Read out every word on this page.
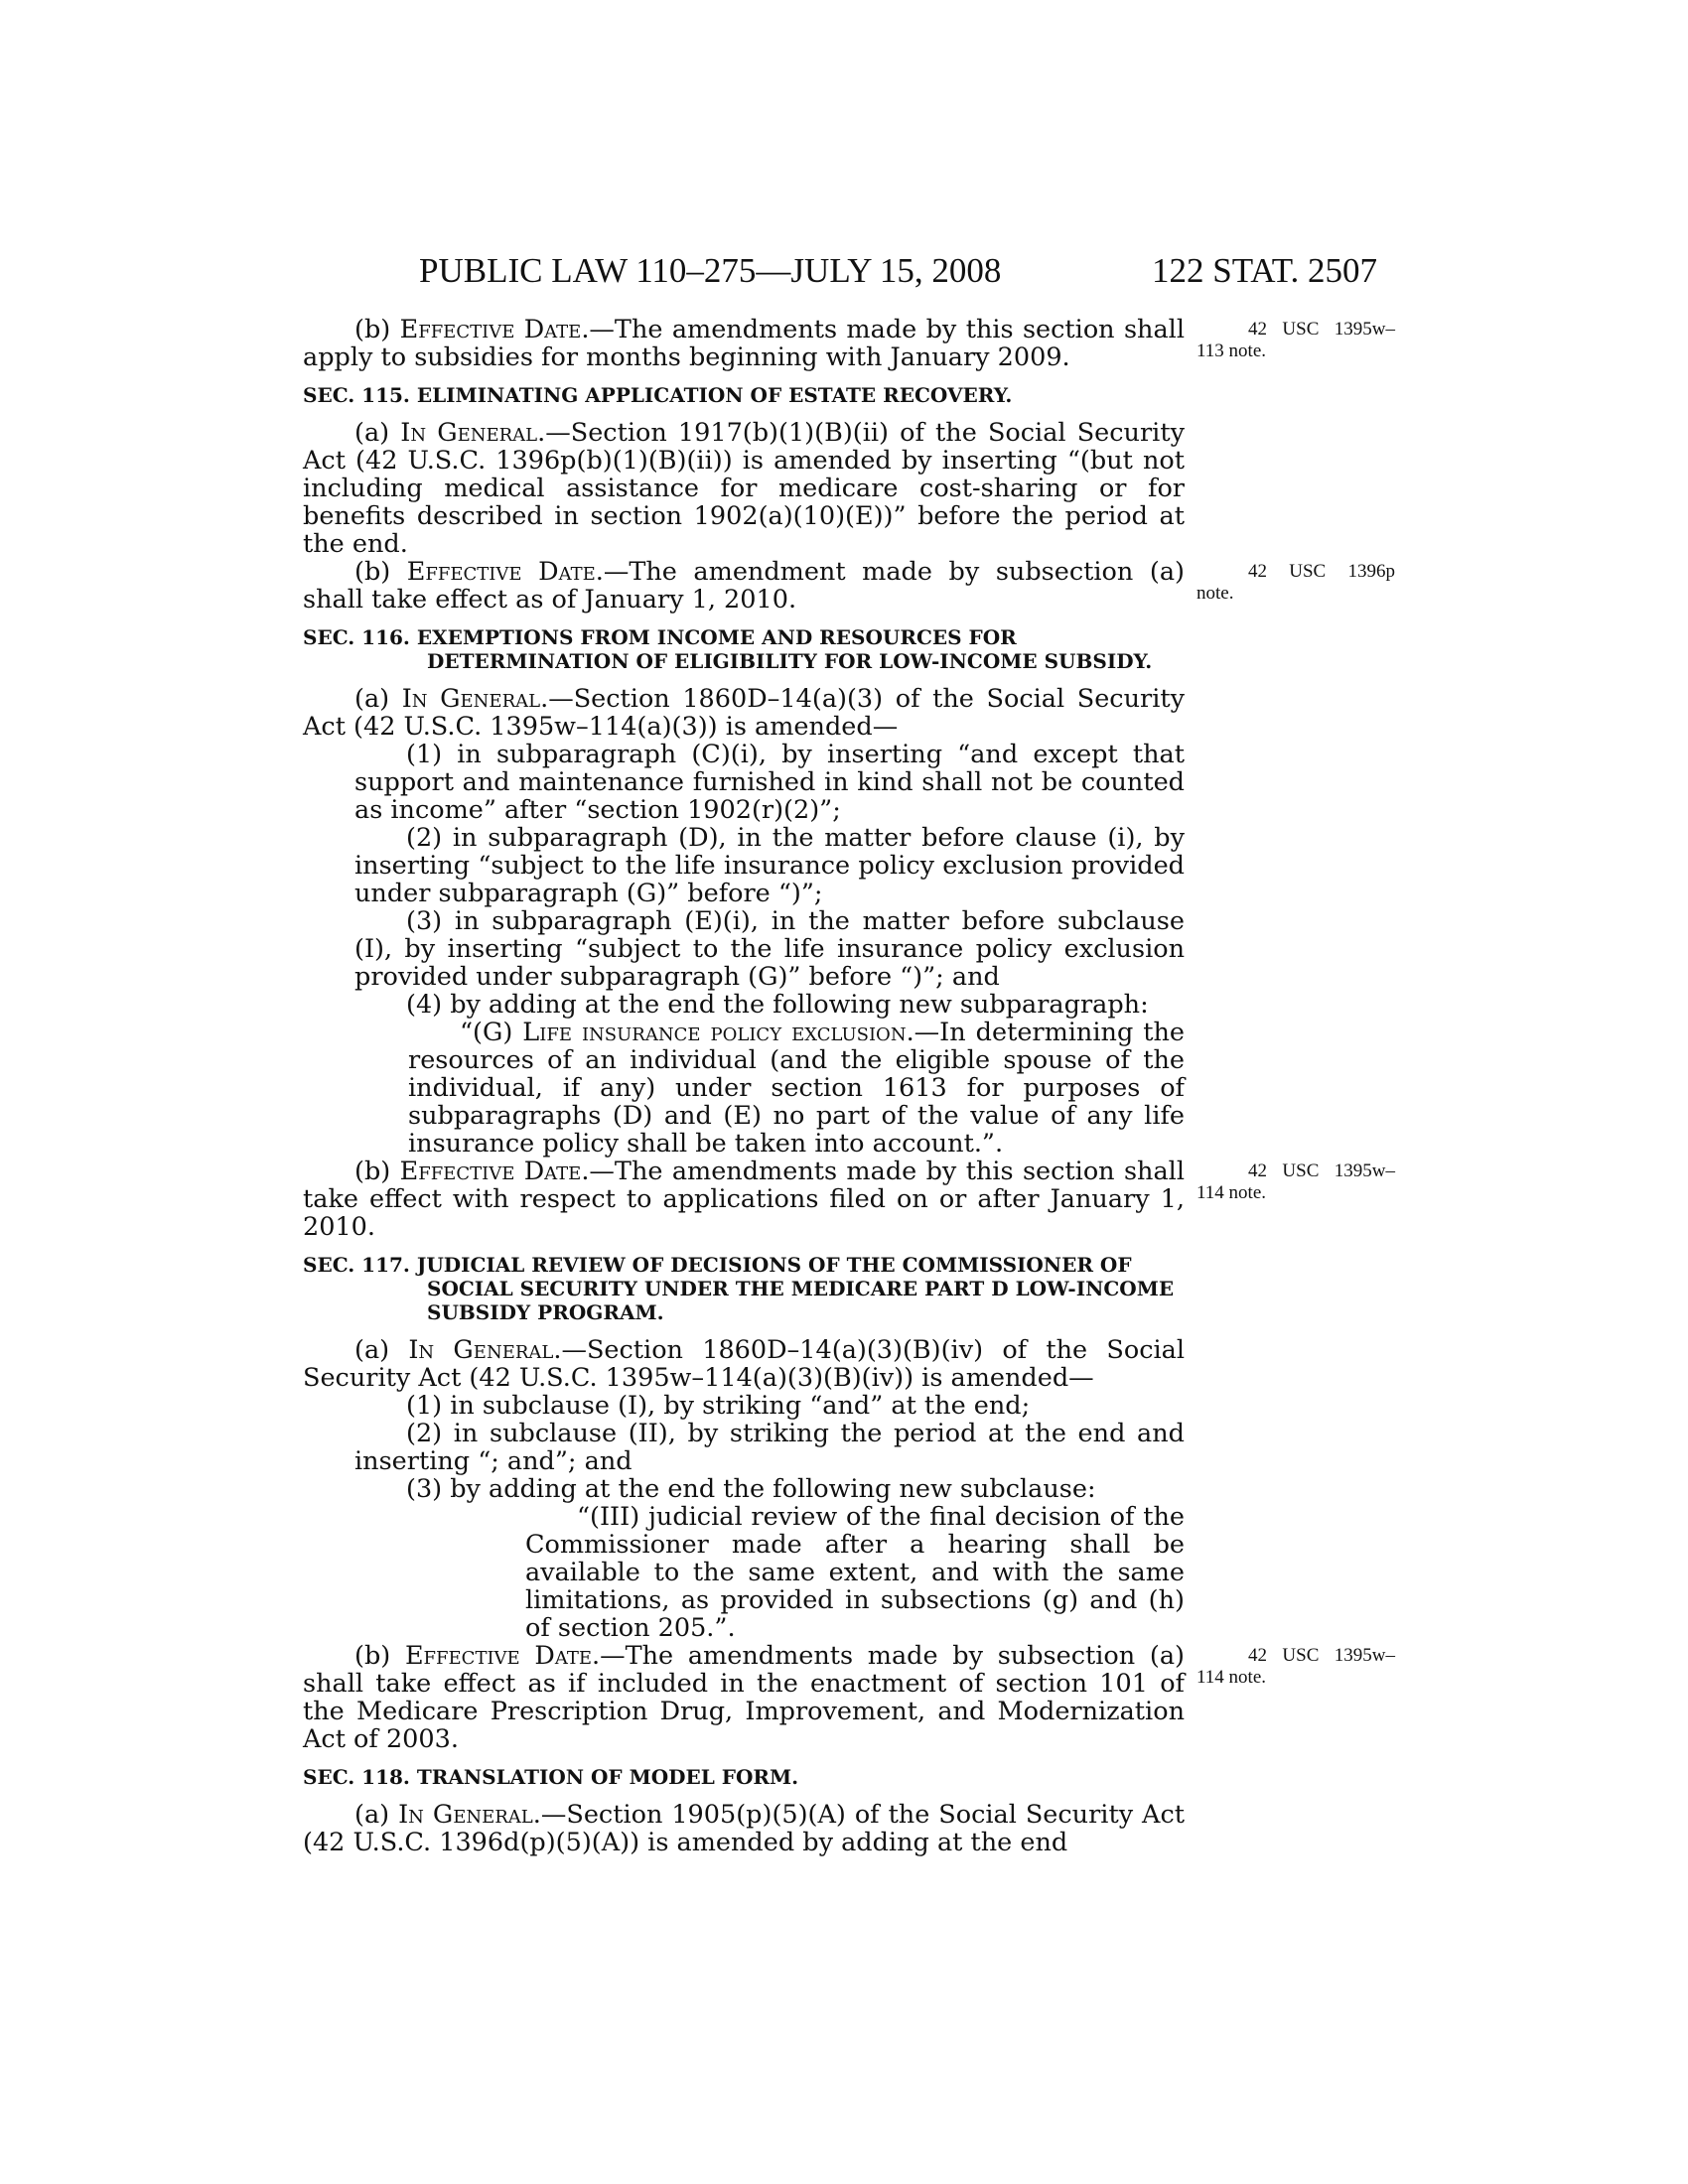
PUBLIC LAW 110–275—JULY 15, 2008	122 STAT. 2507

(b) Effective Date.—The amendments made by this section shall apply to subsidies for months beginning with January 2009.
42 USC 1395w–113 note.

SEC. 115. ELIMINATING APPLICATION OF ESTATE RECOVERY.

(a) In General.—Section 1917(b)(1)(B)(ii) of the Social Security Act (42 U.S.C. 1396p(b)(1)(B)(ii)) is amended by inserting “(but not including medical assistance for medicare cost-sharing or for benefits described in section 1902(a)(10)(E))” before the period at the end.

(b) Effective Date.—The amendment made by subsection (a) shall take effect as of January 1, 2010.
42 USC 1396p note.

SEC. 116. EXEMPTIONS FROM INCOME AND RESOURCES FOR DETERMINATION OF ELIGIBILITY FOR LOW-INCOME SUBSIDY.

(a) In General.—Section 1860D–14(a)(3) of the Social Security Act (42 U.S.C. 1395w–114(a)(3)) is amended—

(1) in subparagraph (C)(i), by inserting “and except that support and maintenance furnished in kind shall not be counted as income” after “section 1902(r)(2)”;

(2) in subparagraph (D), in the matter before clause (i), by inserting “subject to the life insurance policy exclusion provided under subparagraph (G)” before “)”;

(3) in subparagraph (E)(i), in the matter before subclause (I), by inserting “subject to the life insurance policy exclusion provided under subparagraph (G)” before “)”; and

(4) by adding at the end the following new subparagraph:

“(G) Life insurance policy exclusion.—In determining the resources of an individual (and the eligible spouse of the individual, if any) under section 1613 for purposes of subparagraphs (D) and (E) no part of the value of any life insurance policy shall be taken into account.”.

(b) Effective Date.—The amendments made by this section shall take effect with respect to applications filed on or after January 1, 2010.
42 USC 1395w–114 note.

SEC. 117. JUDICIAL REVIEW OF DECISIONS OF THE COMMISSIONER OF SOCIAL SECURITY UNDER THE MEDICARE PART D LOW-INCOME SUBSIDY PROGRAM.

(a) In General.—Section 1860D–14(a)(3)(B)(iv) of the Social Security Act (42 U.S.C. 1395w–114(a)(3)(B)(iv)) is amended—

(1) in subclause (I), by striking “and” at the end;

(2) in subclause (II), by striking the period at the end and inserting “; and”; and

(3) by adding at the end the following new subclause:

“(III) judicial review of the final decision of the Commissioner made after a hearing shall be available to the same extent, and with the same limitations, as provided in subsections (g) and (h) of section 205.”.

(b) Effective Date.—The amendments made by subsection (a) shall take effect as if included in the enactment of section 101 of the Medicare Prescription Drug, Improvement, and Modernization Act of 2003.
42 USC 1395w–114 note.

SEC. 118. TRANSLATION OF MODEL FORM.

(a) In General.—Section 1905(p)(5)(A) of the Social Security Act (42 U.S.C. 1396d(p)(5)(A)) is amended by adding at the end
